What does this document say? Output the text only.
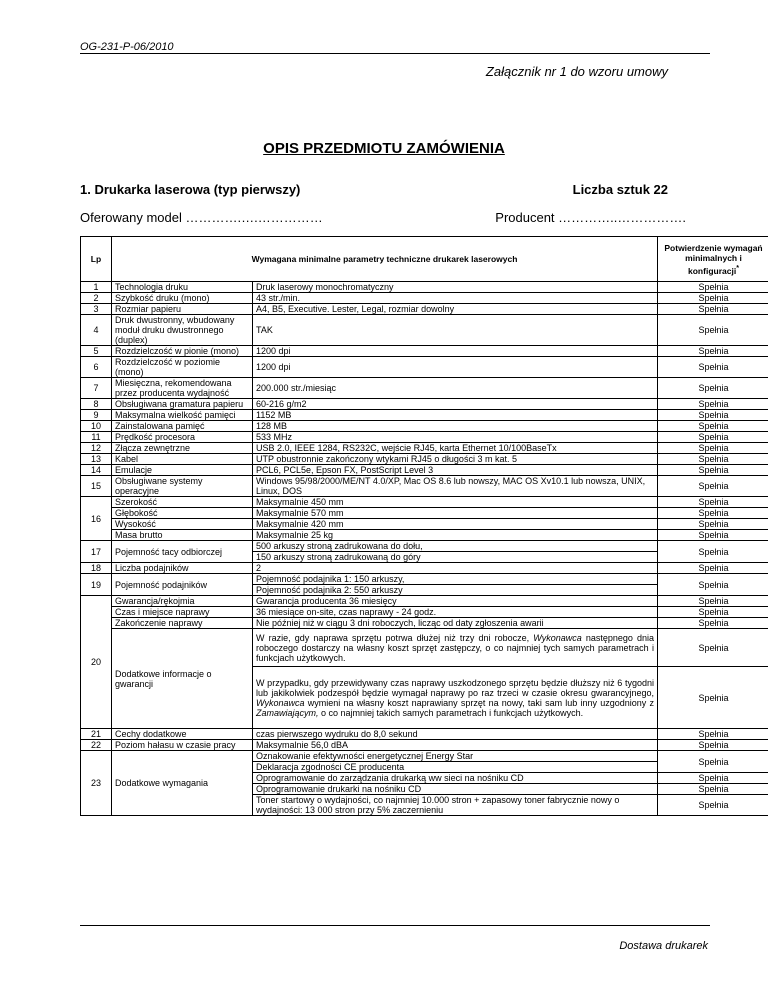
OG-231-P-06/2010
Załącznik nr 1 do wzoru umowy
OPIS PRZEDMIOTU ZAMÓWIENIA
1. Drukarka laserowa (typ pierwszy)	Liczba sztuk 22
Oferowany model ………….….……………	Producent …………..…………….
Lp	Wymagana minimalne parametry techniczne drukarek laserowych		Potwierdzenie wymagań minimalnych i konfiguracji*
1	Technologia druku	Druk laserowy monochromatyczny	Spełnia
2	Szybkość druku (mono)	43 str./min.	Spełnia
3	Rozmiar papieru	A4, B5, Executive. Lester, Legal, rozmiar dowolny	Spełnia
4	Druk dwustronny, wbudowany moduł druku dwustronnego (duplex)	TAK	Spełnia
5	Rozdzielczość w pionie (mono)	1200 dpi	Spełnia
6	Rozdzielczość w poziomie (mono)	1200 dpi	Spełnia
7	Miesięczna, rekomendowana przez producenta wydajność	200.000 str./miesiąc	Spełnia
8	Obsługiwana gramatura papieru	60-216 g/m2	Spełnia
9	Maksymalna wielkość pamięci	1152 MB	Spełnia
10	Zainstalowana pamięć	128 MB	Spełnia
11	Prędkość procesora	533 MHz	Spełnia
12	Złącza zewnętrzne	USB 2.0, IEEE 1284, RS232C, wejście RJ45, karta Ethernet 10/100BaseTx	Spełnia
13	Kabel	UTP obustronnie zakończony wtykami RJ45 o długości 3 m kat. 5	Spełnia
14	Emulacje	PCL6, PCL5e, Epson FX, PostScript Level 3	Spełnia
15	Obsługiwane systemy operacyjne	Windows 95/98/2000/ME/NT 4.0/XP, Mac OS 8.6 lub nowszy, MAC OS Xv10.1 lub nowsza, UNIX, Linux, DOS	Spełnia
16	Szerokość	Maksymalnie 450 mm	Spełnia
	Głębokość	Maksymalnie 570 mm	Spełnia
	Wysokość	Maksymalnie 420 mm	Spełnia
	Masa brutto	Maksymalnie 25 kg	Spełnia
17	Pojemność tacy odbiorczej	500 arkuszy stroną zadrukowana do dołu,
150 arkuszy stroną zadrukowaną do góry	Spełnia
18	Liczba podajników	2	Spełnia
19	Pojemność podajników	Pojemność podajnika 1: 150 arkuszy,
Pojemność podajnika 2: 550 arkuszy	Spełnia
20	Gwarancja/rękojmia	Gwarancja producenta 36 miesięcy	Spełnia
	Czas i miejsce naprawy	36 miesiące on-site, czas naprawy - 24 godz.	Spełnia
	Zakończenie naprawy	Nie później niż w ciągu 3 dni roboczych, licząc od daty zgłoszenia awarii	Spełnia
	Dodatkowe informacje o gwarancji	W razie, gdy naprawa sprzętu potrwa dłużej niż trzy dni robocze, Wykonawca następnego dnia roboczego dostarczy na własny koszt sprzęt zastępczy, o co najmniej tych samych parametrach i funkcjach użytkowych.	Spełnia
		W przypadku, gdy przewidywany czas naprawy uszkodzonego sprzętu będzie dłuższy niż 6 tygodni lub jakikolwiek podzespół będzie wymagał naprawy po raz trzeci w czasie okresu gwarancyjnego, Wykonawca wymieni na własny koszt naprawiany sprzęt na nowy, taki sam lub inny uzgodniony z Zamawiającym, o co najmniej takich samych parametrach i funkcjach użytkowych.	Spełnia
21	Cechy dodatkowe	czas pierwszego wydruku do 8,0 sekund	Spełnia
22	Poziom hałasu w czasie pracy	Maksymalnie 56,0 dBA	Spełnia
23	Dodatkowe wymagania	Oznakowanie efektywności energetycznej Energy Star	Spełnia
		Deklaracja zgodności CE producenta	
		Oprogramowanie do zarządzania drukarką ww sieci na nośniku CD	Spełnia
		Oprogramowanie drukarki na nośniku CD	Spełnia
		Toner startowy o wydajności, co najmniej 10.000 stron + zapasowy toner fabrycznie nowy o wydajności: 13 000 stron przy 5% zaczernieniu	Spełnia
Dostawa drukarek
